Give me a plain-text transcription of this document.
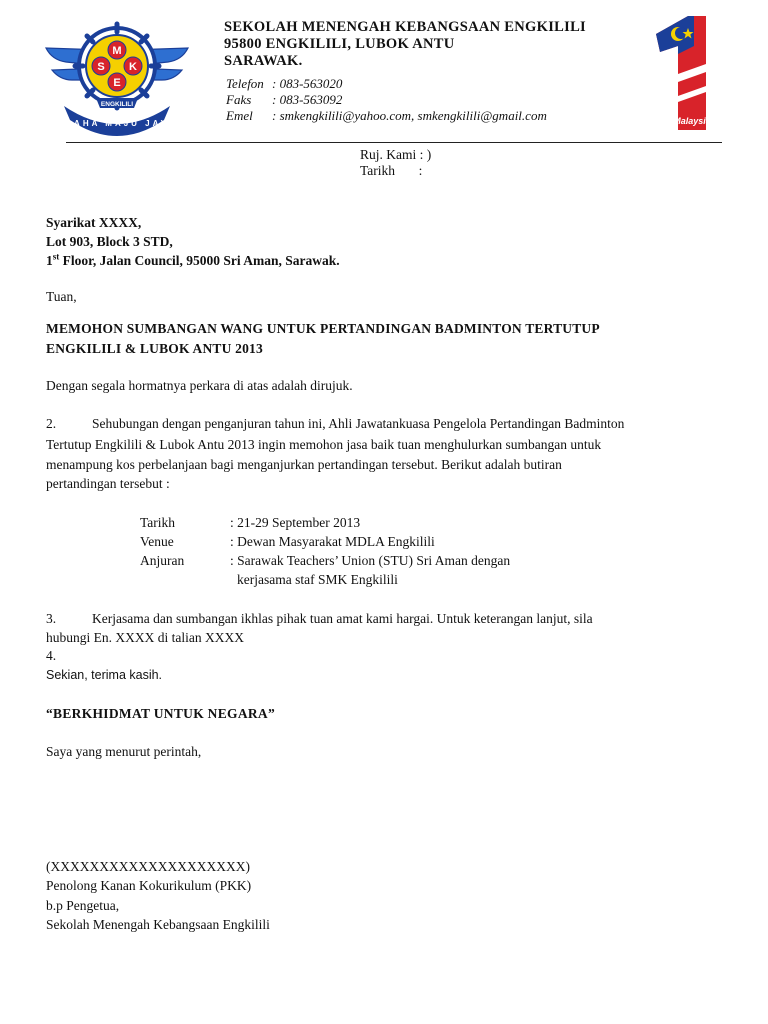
M
K
S
E
ENGKILILI
USAHA MAJU JAYA
SEKOLAH MENENGAH KEBANGSAAN ENGKILILI
95800 ENGKILILI, LUBOK ANTU
SARAWAK.
Telefon : 083-563020
Faks : 083-563092
Emel : smkengkilili@yahoo.com, smkengkilili@gmail.com	Malaysia
Ruj. Kami : )
Tarikh       :
Syarikat XXXX,
Lot 903, Block 3 STD,
1st Floor, Jalan Council, 95000 Sri Aman, Sarawak.
Tuan,
MEMOHON SUMBANGAN WANG UNTUK PERTANDINGAN BADMINTON TERTUTUP
ENGKILILI & LUBOK ANTU 2013
Dengan segala hormatnya perkara di atas adalah dirujuk.
2.	Sehubungan dengan penganjuran tahun ini, Ahli Jawatankuasa Pengelola Pertandingan Badminton
Tertutup Engkilili & Lubok Antu 2013 ingin memohon jasa baik tuan menghulurkan sumbangan untuk
menampung kos perbelanjaan bagi menganjurkan pertandingan tersebut. Berikut adalah butiran
pertandingan tersebut :
Tarikh	: 21-29 September 2013
Venue	: Dewan Masyarakat MDLA Engkilili
Anjuran	: Sarawak Teachers’ Union (STU) Sri Aman dengan
kerjasama staf SMK Engkilili
3.	Kerjasama dan sumbangan ikhlas pihak tuan amat kami hargai. Untuk keterangan lanjut, sila
hubungi En. XXXX di talian XXXX
4.
Sekian, terima kasih.
“BERKHIDMAT UNTUK NEGARA”
Saya yang menurut perintah,
(XXXXXXXXXXXXXXXXXXXX)
Penolong Kanan Kokurikulum (PKK)
b.p Pengetua,
Sekolah Menengah Kebangsaan Engkilili
